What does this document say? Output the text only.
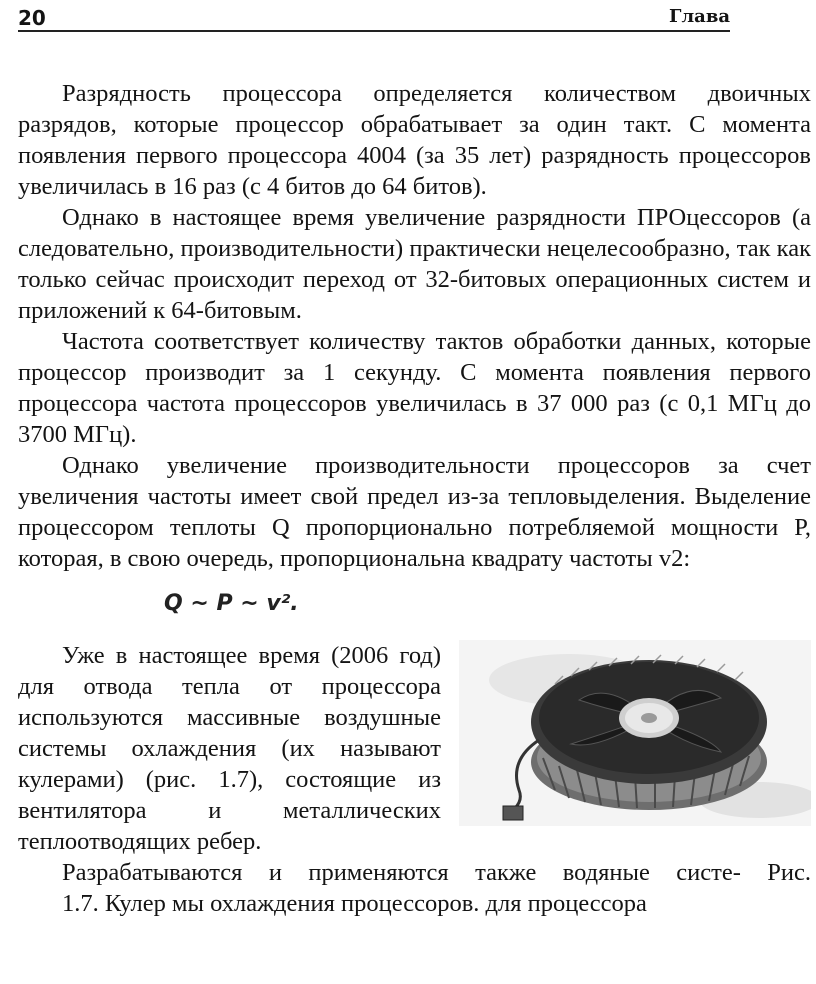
20	Глава

Разрядность процессора определяется количеством двоичных разрядов, которые процессор обрабатывает за один такт. С момента появления первого процессора 4004 (за 35 лет) разрядность процессоров увеличилась в 16 раз (с 4 битов до 64 битов).

Однако в настоящее время увеличение разрядности ПРОцессоров (а следовательно, производительности) практически нецелесообразно, так как только сейчас происходит переход от 32-битовых операционных систем и приложений к 64-битовым.

Частота соответствует количеству тактов обработки данных, которые процессор производит за 1 секунду. С момента появления первого процессора частота процессоров увеличилась в 37 000 раз (с 0,1 МГц до 3700 МГц).

Однако увеличение производительности процессоров за счет увеличения частоты имеет свой предел из-за тепловыделения. Выделение процессором теплоты Q пропорционально потребляемой мощности Р, которая, в свою очередь, пропорциональна квадрату частоты v2:

Q ~ P ~ v².

Уже в настоящее время (2006 год) для отвода тепла от процессора используются массивные воздушные системы охлаждения (их называют кулерами) (рис. 1.7), состоящие из вентилятора и металлических теплоотводящих ребер.

Разрабатываются и применяются также водяные систе- Рис.

1.7. Кулер мы охлаждения процессоров. для процессора
